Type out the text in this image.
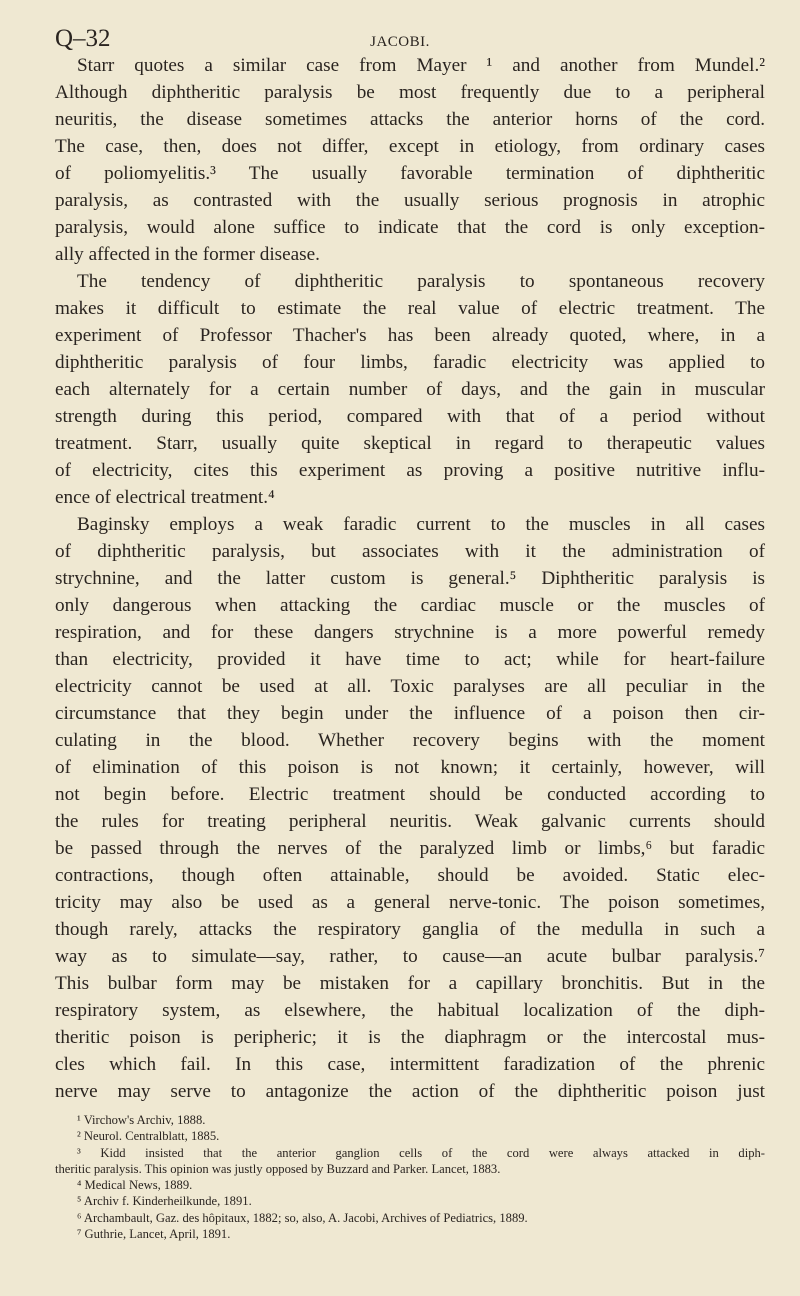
Q–32	JACOBI.
Starr quotes a similar case from Mayer ¹ and another from Mundel.²
Although diphtheritic paralysis be most frequently due to a peripheral
neuritis, the disease sometimes attacks the anterior horns of the cord.
The case, then, does not differ, except in etiology, from ordinary cases
of poliomyelitis.³ The usually favorable termination of diphtheritic
paralysis, as contrasted with the usually serious prognosis in atrophic
paralysis, would alone suffice to indicate that the cord is only exception-
ally affected in the former disease.
The tendency of diphtheritic paralysis to spontaneous recovery
makes it difficult to estimate the real value of electric treatment. The
experiment of Professor Thacher's has been already quoted, where, in a
diphtheritic paralysis of four limbs, faradic electricity was applied to
each alternately for a certain number of days, and the gain in muscular
strength during this period, compared with that of a period without
treatment. Starr, usually quite skeptical in regard to therapeutic values
of electricity, cites this experiment as proving a positive nutritive influ-
ence of electrical treatment.⁴
Baginsky employs a weak faradic current to the muscles in all cases
of diphtheritic paralysis, but associates with it the administration of
strychnine, and the latter custom is general.⁵ Diphtheritic paralysis is
only dangerous when attacking the cardiac muscle or the muscles of
respiration, and for these dangers strychnine is a more powerful remedy
than electricity, provided it have time to act; while for heart-failure
electricity cannot be used at all. Toxic paralyses are all peculiar in the
circumstance that they begin under the influence of a poison then cir-
culating in the blood. Whether recovery begins with the moment
of elimination of this poison is not known; it certainly, however, will
not begin before. Electric treatment should be conducted according to
the rules for treating peripheral neuritis. Weak galvanic currents should
be passed through the nerves of the paralyzed limb or limbs,⁶ but faradic
contractions, though often attainable, should be avoided. Static elec-
tricity may also be used as a general nerve-tonic. The poison sometimes,
though rarely, attacks the respiratory ganglia of the medulla in such a
way as to simulate—say, rather, to cause—an acute bulbar paralysis.⁷
This bulbar form may be mistaken for a capillary bronchitis. But in the
respiratory system, as elsewhere, the habitual localization of the diph-
theritic poison is peripheric; it is the diaphragm or the intercostal mus-
cles which fail. In this case, intermittent faradization of the phrenic
nerve may serve to antagonize the action of the diphtheritic poison just
¹ Virchow's Archiv, 1888.
² Neurol. Centralblatt, 1885.
³ Kidd insisted that the anterior ganglion cells of the cord were always attacked in diph-
theritic paralysis. This opinion was justly opposed by Buzzard and Parker. Lancet, 1883.
⁴ Medical News, 1889.
⁵ Archiv f. Kinderheilkunde, 1891.
⁶ Archambault, Gaz. des hôpitaux, 1882; so, also, A. Jacobi, Archives of Pediatrics, 1889.
⁷ Guthrie, Lancet, April, 1891.
